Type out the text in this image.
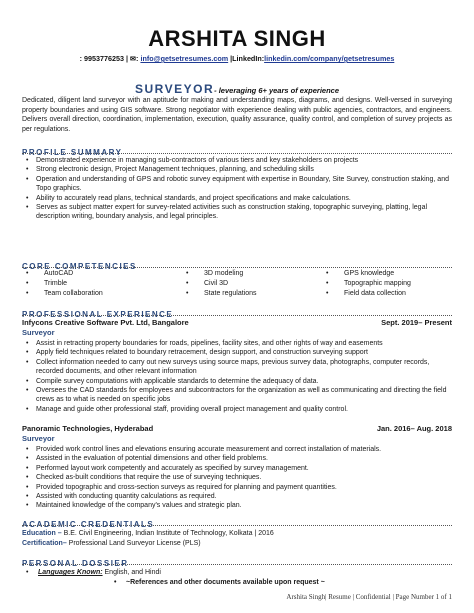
ARSHITA SINGH
: 9953776253 | ✉: info@getsetresumes.com |LinkedIn:linkedin.com/company/getsetresumes
SURVEYOR- leveraging 6+ years of experience
Dedicated, diligent land surveyor with an aptitude for making and understanding maps, diagrams, and designs. Well-versed in surveying property boundaries and using GIS software. Strong negotiator with experience dealing with public agencies, contractors, and engineers. Delivers overall direction, coordination, implementation, execution, quality assurance, quality control, and completion of survey projects as per regulations.
PROFILE SUMMARY
• Demonstrated experience in managing sub-contractors of various tiers and key stakeholders on projects
• Strong electronic design, Project Management techniques, planning, and scheduling skills
• Operation and understanding of GPS and robotic survey equipment with expertise in Boundary, Site Survey, construction staking, and Topo graphics.
• Ability to accurately read plans, technical standards, and project specifications and make calculations.
• Serves as subject matter expert for survey-related activities such as construction staking, topographic surveying, platting, legal description writing, boundary analysis, and legal principles.
CORE COMPETENCIES
• AutoCAD
• Trimble
• Team collaboration
• 3D modeling
• Civil 3D
• State regulations
• GPS knowledge
• Topographic mapping
• Field data collection
PROFESSIONAL EXPERIENCE
Infycons Creative Software Pvt. Ltd, Bangalore	Sept. 2019– Present
Surveyor
• Assist in retracting property boundaries for roads, pipelines, facility sites, and other rights of way and easements
• Apply field techniques related to boundary retracement, design support, and construction surveying support
• Collect information needed to carry out new surveys using source maps, previous survey data, photographs, computer records, recorded documents, and other relevant information
• Compile survey computations with applicable standards to determine the adequacy of data.
• Oversees the CAD standards for employees and subcontractors for the organization as well as communicating and directing the field crews as to what is needed on specific jobs
• Manage and guide other professional staff, providing overall project management and quality control.
Panoramic Technologies, Hyderabad	Jan. 2016– Aug. 2018
Surveyor
• Provided work control lines and elevations ensuring accurate measurement and correct installation of materials.
• Assisted in the evaluation of potential dimensions and other field problems.
• Performed layout work competently and accurately as specified by survey management.
• Checked as-built conditions that require the use of surveying techniques.
• Provided topographic and cross-section surveys as required for planning and payment quantities.
• Assisted with conducting quantity calculations as required.
• Maintained knowledge of the company's values and strategic plan.
ACADEMIC CREDENTIALS
Education – B.E. Civil Engineering, Indian Institute of Technology, Kolkata | 2016
Certification– Professional Land Surveyor License (PLS)
PERSONAL DOSSIER
• Languages Known: English, and Hindi
• ~References and other documents available upon request ~
Arshita Singh| Resume | Confidential | Page Number 1 of 1
